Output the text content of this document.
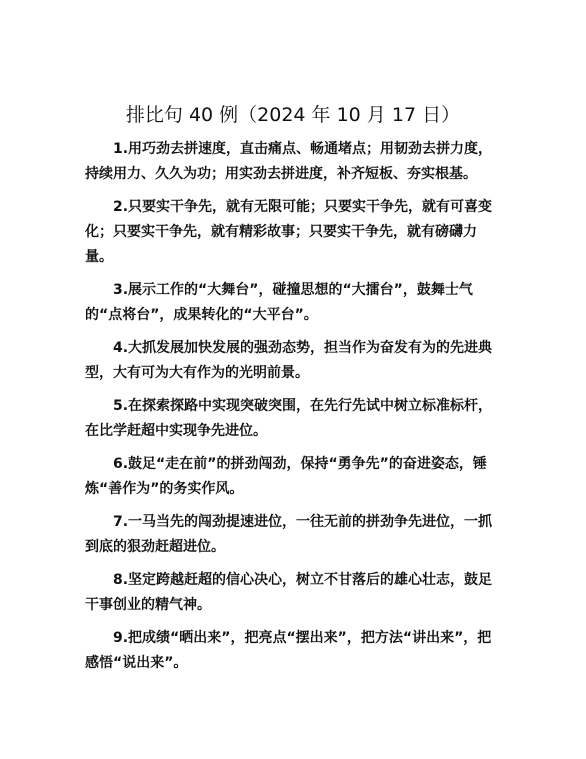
排比句 40 例（2024 年 10 月 17 日）

1.用巧劲去拼速度，直击痛点、畅通堵点；用韧劲去拼力度，持续用力、久久为功；用实劲去拼进度，补齐短板、夯实根基。

2.只要实干争先，就有无限可能；只要实干争先，就有可喜变化；只要实干争先，就有精彩故事；只要实干争先，就有磅礴力量。

3.展示工作的“大舞台”，碰撞思想的“大擂台”，鼓舞士气的“点将台”，成果转化的“大平台”。

4.大抓发展加快发展的强劲态势，担当作为奋发有为的先进典型，大有可为大有作为的光明前景。

5.在探索探路中实现突破突围，在先行先试中树立标准标杆，在比学赶超中实现争先进位。

6.鼓足“走在前”的拼劲闯劲，保持“勇争先”的奋进姿态，锤炼“善作为”的务实作风。

7.一马当先的闯劲提速进位，一往无前的拼劲争先进位，一抓到底的狠劲赶超进位。

8.坚定跨越赶超的信心决心，树立不甘落后的雄心壮志，鼓足干事创业的精气神。

9.把成绩“晒出来”，把亮点“摆出来”，把方法“讲出来”，把感悟“说出来”。
